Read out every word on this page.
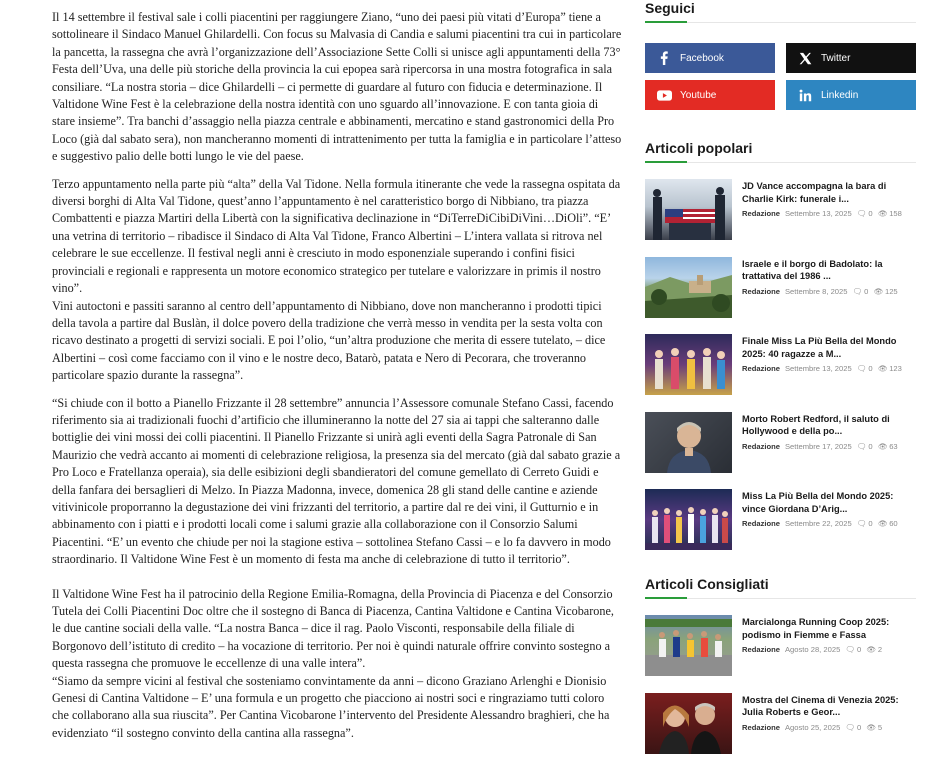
Il 14 settembre il festival sale i colli piacentini per raggiungere Ziano, “uno dei paesi più vitati d’Europa” tiene a sottolineare il Sindaco Manuel Ghilardelli. Con focus su Malvasia di Candia e salumi piacentini tra cui in particolare la pancetta, la rassegna che avrà l’organizzazione dell’Associazione Sette Colli si unisce agli appuntamenti della 73° Festa dell’Uva, una delle più storiche della provincia la cui epopea sarà ripercorsa in una mostra fotografica in sala consiliare. “La nostra storia – dice Ghilardelli – ci permette di guardare al futuro con fiducia e determinazione. Il Valtidone Wine Fest è la celebrazione della nostra identità con uno sguardo all’innovazione. E con tanta gioia di stare insieme”. Tra banchi d’assaggio nella piazza centrale e abbinamenti, mercatino e stand gastronomici della Pro Loco (già dal sabato sera), non mancheranno momenti di intrattenimento per tutta la famiglia e in particolare l’atteso e suggestivo palio delle botti lungo le vie del paese.

Terzo appuntamento nella parte più “alta” della Val Tidone. Nella formula itinerante che vede la rassegna ospitata da diversi borghi di Alta Val Tidone, quest’anno l’appuntamento è nel caratteristico borgo di Nibbiano, tra piazza Combattenti e piazza Martiri della Libertà con la significativa declinazione in “DiTerreDiCibiDiVini…DiOli”. “E’ una vetrina di territorio – ribadisce il Sindaco di Alta Val Tidone, Franco Albertini – L’intera vallata si ritrova nel celebrare le sue eccellenze. Il festival negli anni è cresciuto in modo esponenziale superando i confini fisici provinciali e regionali e rappresenta un motore economico strategico per tutelare e valorizzare in primis il nostro vino”.

Vini autoctoni e passiti saranno al centro dell’appuntamento di Nibbiano, dove non mancheranno i prodotti tipici della tavola a partire dal Buslàn, il dolce povero della tradizione che verrà messo in vendita per la sesta volta con ricavo destinato a progetti di servizi sociali. E poi l’olio, “un’altra produzione che merita di essere tutelato, – dice Albertini – così come facciamo con il vino e le nostre deco, Batarò, patata e Nero di Pecorara, che troveranno particolare spazio durante la rassegna”.

“Si chiude con il botto a Pianello Frizzante il 28 settembre” annuncia l’Assessore comunale Stefano Cassi, facendo riferimento sia ai tradizionali fuochi d’artificio che illumineranno la notte del 27 sia ai tappi che salteranno dalle bottiglie dei vini mossi dei colli piacentini. Il Pianello Frizzante si unirà agli eventi della Sagra Patronale di San Maurizio che vedrà accanto ai momenti di celebrazione religiosa, la presenza sia del mercato (già dal sabato grazie a Pro Loco e Fratellanza operaia), sia delle esibizioni degli sbandieratori del comune gemellato di Cerreto Guidi e della fanfara dei bersaglieri di Melzo. In Piazza Madonna, invece, domenica 28 gli stand delle cantine e aziende vitivinicole proporranno la degustazione dei vini frizzanti del territorio, a partire dal re dei vini, il Gutturnio e in abbinamento con i piatti e i prodotti locali come i salumi grazie alla collaborazione con il Consorzio Salumi Piacentini. “E’ un evento che chiude per noi la stagione estiva – sottolinea Stefano Cassi – e lo fa davvero in modo straordinario. Il Valtidone Wine Fest è un momento di festa ma anche di celebrazione di tutto il territorio”.

Il Valtidone Wine Fest ha il patrocinio della Regione Emilia-Romagna, della Provincia di Piacenza e del Consorzio Tutela dei Colli Piacentini Doc oltre che il sostegno di Banca di Piacenza, Cantina Valtidone e Cantina Vicobarone, le due cantine sociali della valle. “La nostra Banca – dice il rag. Paolo Visconti, responsabile della filiale di Borgonovo dell’istituto di credito – ha vocazione di territorio. Per noi è quindi naturale offrire convinto sostegno a questa rassegna che promuove le eccellenze di una valle intera”.

“Siamo da sempre vicini al festival che sosteniamo convintamente da anni – dicono Graziano Arlenghi e Dionisio Genesi di Cantina Valtidone – E’ una formula e un progetto che piacciono ai nostri soci e ringraziamo tutti coloro che collaborano alla sua riuscita”. Per Cantina Vicobarone l’intervento del Presidente Alessandro braghieri, che ha evidenziato “il sostegno convinto della cantina alla rassegna”.

Seguici
Facebook	Twitter
Youtube	Linkedin
Articoli popolari
JD Vance accompagna la bara di Charlie Kirk: funerale i...
Redazione Settembre 13, 2025 🗨 0 👁 158
Israele e il borgo di Badolato: la trattativa del 1986 ...
Redazione Settembre 8, 2025 🗨 0 👁 125
Finale Miss La Più Bella del Mondo 2025: 40 ragazze a M...
Redazione Settembre 13, 2025 🗨 0 👁 123
Morto Robert Redford, il saluto di Hollywood e della po...
Redazione Settembre 17, 2025 🗨 0 👁 63
Miss La Più Bella del Mondo 2025: vince Giordana D’Arig...
Redazione Settembre 22, 2025 🗨 0 👁 60
Articoli Consigliati
Marcialonga Running Coop 2025: podismo in Fiemme e Fassa
Redazione Agosto 28, 2025 🗨 0 👁 2
Mostra del Cinema di Venezia 2025: Julia Roberts e Geor...
Redazione Agosto 25, 2025 🗨 0 👁 5
